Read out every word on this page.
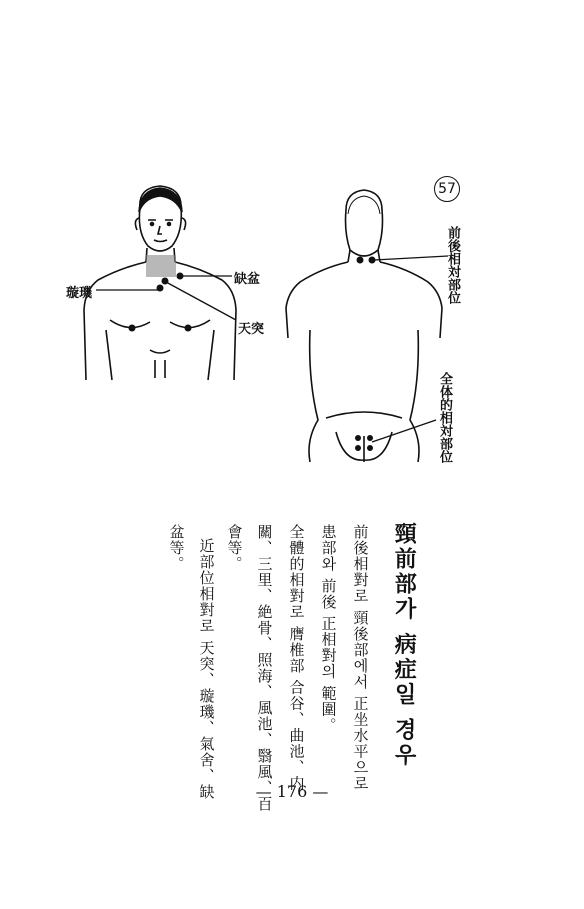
57
璇璣
缺盆
天突
前後相対部位
全体的相対部位
頸前部가 病症일 경우
前後相對로 頸後部에서 正坐水平으로
患部와 前後 正相對의 範圍。
全體的相對로 膺椎部 合谷、曲池、内
關、三里、絶骨、照海、風池、翳風、百
會等。
近部位相對로 天突、璇璣、氣舍、缺
盆等。
— 176 —
